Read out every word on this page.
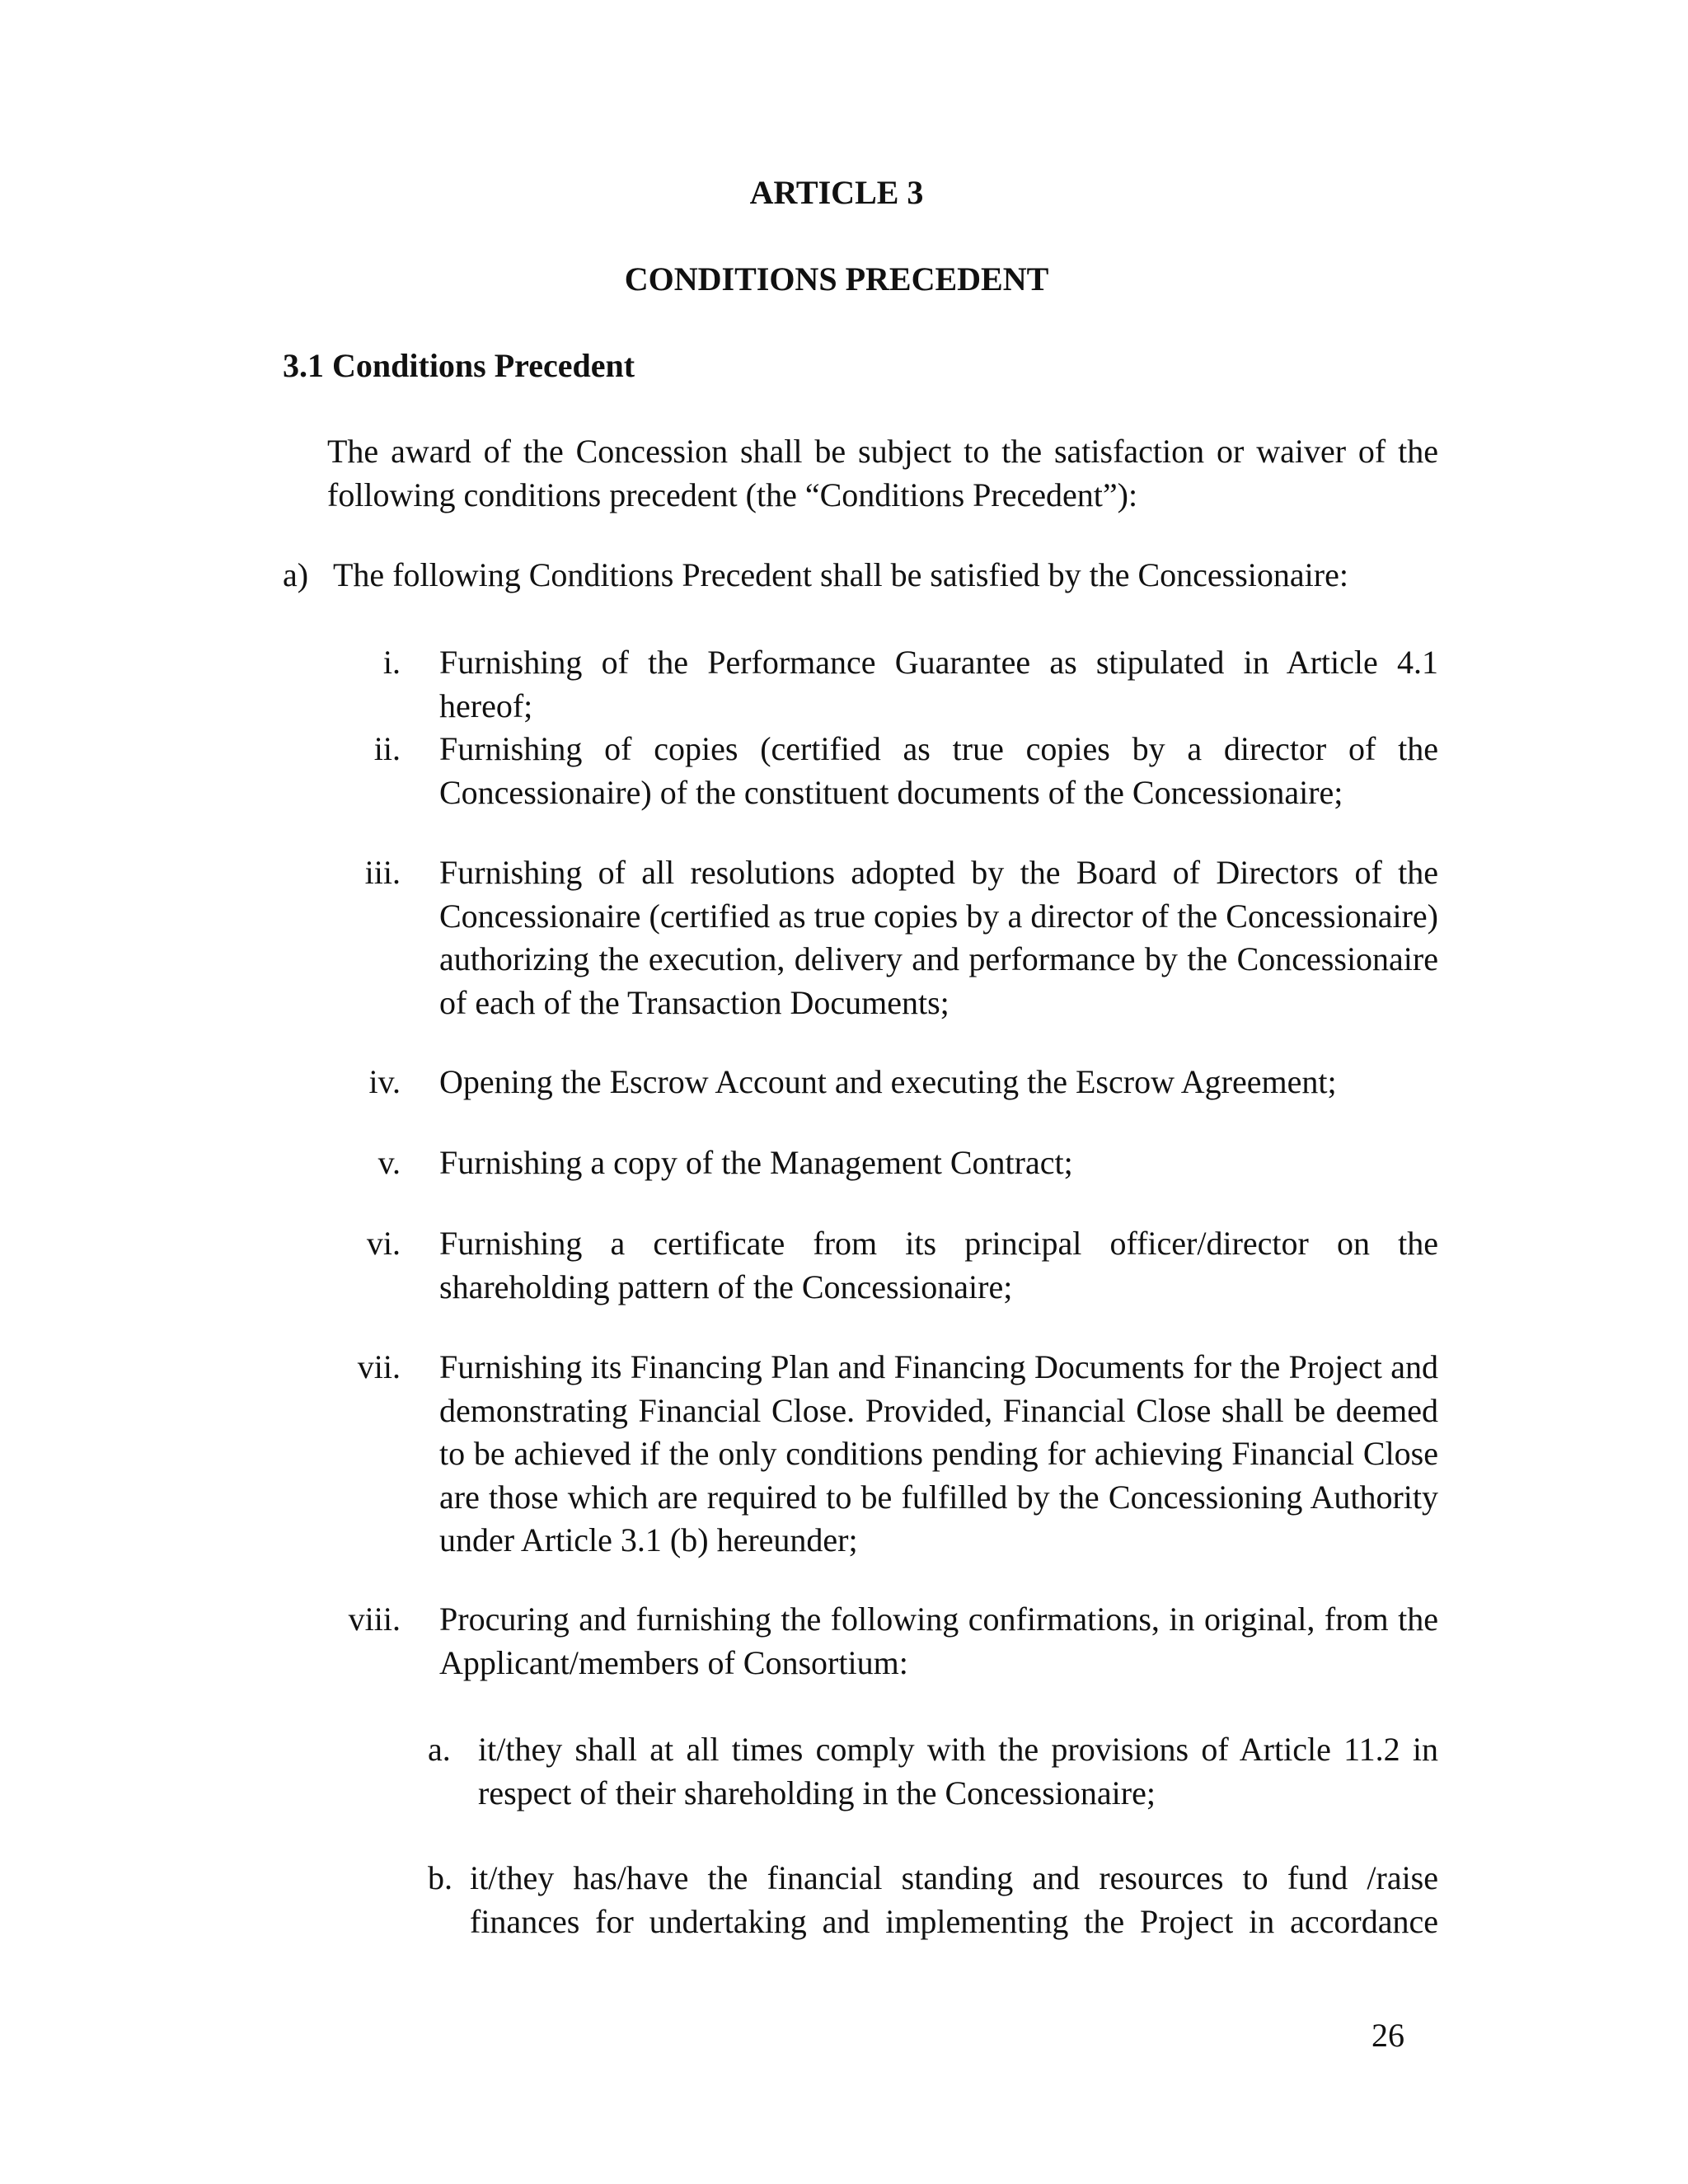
ARTICLE 3
CONDITIONS PRECEDENT
3.1 Conditions Precedent

The award of the Concession shall be subject to the satisfaction or waiver of the following conditions precedent (the “Conditions Precedent”):

a) The following Conditions Precedent shall be satisfied by the Concessionaire:

i. Furnishing of the Performance Guarantee as stipulated in Article 4.1 hereof;

ii. Furnishing of copies (certified as true copies by a director of the Concessionaire) of the constituent documents of the Concessionaire;

iii. Furnishing of all resolutions adopted by the Board of Directors of the Concessionaire (certified as true copies by a director of the Concessionaire) authorizing the execution, delivery and performance by the Concessionaire of each of the Transaction Documents;

iv. Opening the Escrow Account and executing the Escrow Agreement;

v. Furnishing a copy of the Management Contract;

vi. Furnishing a certificate from its principal officer/director on the shareholding pattern of the Concessionaire;

vii. Furnishing its Financing Plan and Financing Documents for the Project and demonstrating Financial Close. Provided, Financial Close shall be deemed to be achieved if the only conditions pending for achieving Financial Close are those which are required to be fulfilled by the Concessioning Authority under Article 3.1 (b) hereunder;

viii. Procuring and furnishing the following confirmations, in original, from the Applicant/members of Consortium:

a. it/they shall at all times comply with the provisions of Article 11.2 in respect of their shareholding in the Concessionaire;

b. it/they has/have the financial standing and resources to fund /raise finances for undertaking and implementing the Project in accordance

26
